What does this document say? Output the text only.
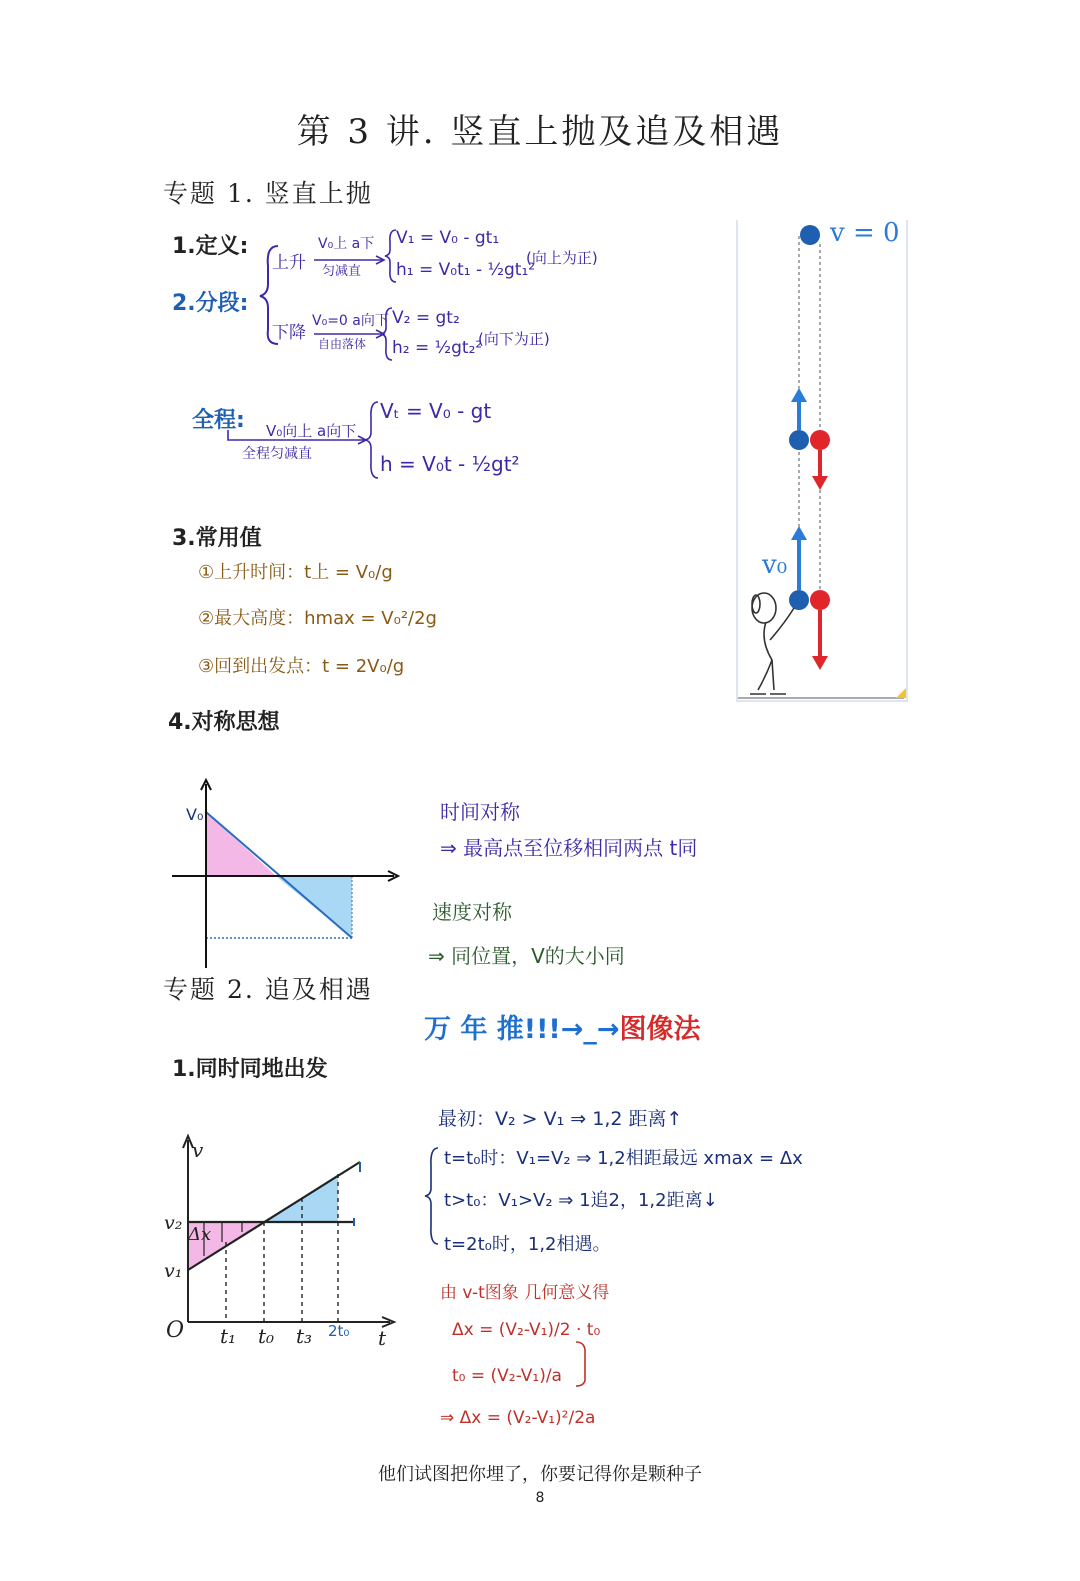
第 3 讲. 竖直上抛及追及相遇
专题 1. 竖直上抛
1.定义:
2.分段:
上升
V₀上 a下
匀减直
V₁ = V₀ - gt₁
h₁ = V₀t₁ - ½gt₁²
(向上为正)
下降
V₀=0 a向下
自由落体
V₂ = gt₂
h₂ = ½gt₂²
(向下为正)
全程: V₀向上 a向下
全程匀减直
Vₜ = V₀ - gt
h = V₀t - ½gt²
3.常用值
①上升时间：t上 = V₀/g
②最大高度：hmax = V₀²/2g
③回到出发点：t = 2V₀/g
4.对称思想
v = 0
v₀
V₀	时间对称
⇒ 最高点至位移相同两点 t同
速度对称
⇒ 同位置，V的大小同
专题 2. 追及相遇
万 年 推!!!→_→图像法
1.同时同地出发
v
v₂
v₁
Δx
O t₁ t₀ t₃ 2t₀ t
最初：V₂ > V₁ ⇒ 1,2 距离↑
t=t₀时：V₁=V₂ ⇒ 1,2相距最远 xmax = Δx
t>t₀：V₁>V₂ ⇒ 1追2，1,2距离↓
t=2t₀时，1,2相遇。
由 v-t图象 几何意义得
Δx = (V₂-V₁)/2 · t₀
t₀ = (V₂-V₁)/a
⇒ Δx = (V₂-V₁)²/2a
他们试图把你埋了，你要记得你是颗种子
8
